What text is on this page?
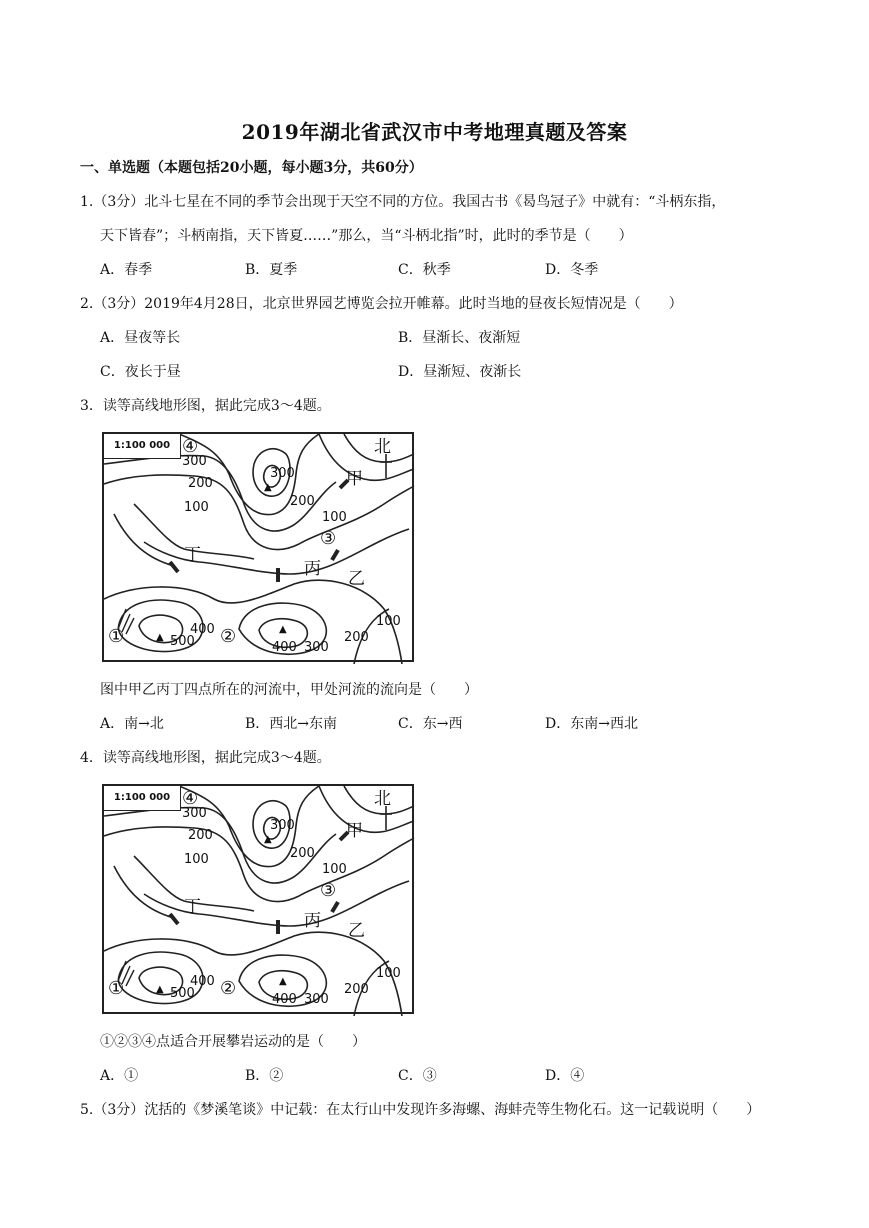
2019年湖北省武汉市中考地理真题及答案
一、单选题（本题包括20小题，每小题3分，共60分）
1.（3分）北斗七星在不同的季节会出现于天空不同的方位。我国古书《曷鸟冠子》中就有：“斗柄东指，
天下皆春”；斗柄南指，天下皆夏……”那么，当“斗柄北指”时，此时的季节是（　　）
A．春季	B．夏季	C．秋季	D．冬季
2.（3分）2019年4月28日，北京世界园艺博览会拉开帷幕。此时当地的昼夜长短情况是（　　）
A．昼夜等长	B．昼渐长、夜渐短
C．夜长于昼	D．昼渐短、夜渐长
3．读等高线地形图，据此完成3～4题。
1:100 000 ④	北
300
200
100
300
200
100
▲	甲
③
丙 乙
丁
100
200
300
400
400
500
▲
▲
①	②
图中甲乙丙丁四点所在的河流中，甲处河流的流向是（　　）
A．南→北	B．西北→东南	C．东→西	D．东南→西北
4．读等高线地形图，据此完成3～4题。
1:100 000 ④	北
300
200
100
300
200
100
▲	甲
③
丙 乙
丁
100
200
300
400
400
500
▲
▲
①	②
①②③④点适合开展攀岩运动的是（　　）
A．①	B．②	C．③	D．④
5.（3分）沈括的《梦溪笔谈》中记载：在太行山中发现许多海螺、海蚌壳等生物化石。这一记载说明（　　）
